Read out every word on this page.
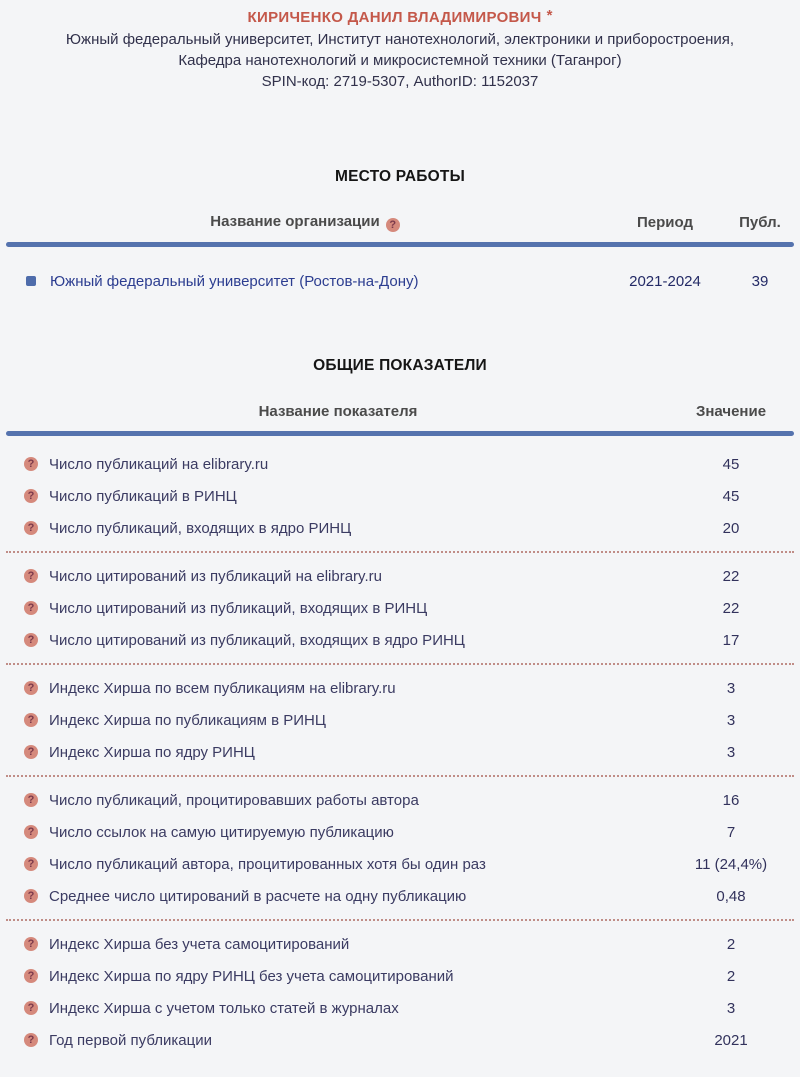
КИРИЧЕНКО ДАНИЛ ВЛАДИМИРОВИЧ *
Южный федеральный университет, Институт нанотехнологий, электроники и приборостроения,
Кафедра нанотехнологий и микросистемной техники (Таганрог)
SPIN-код: 2719-5307, AuthorID: 1152037
МЕСТО РАБОТЫ
Название организации ?	Период	Публ.
Южный федеральный университет (Ростов-на-Дону)	2021-2024	39
ОБЩИЕ ПОКАЗАТЕЛИ
Название показателя	Значение
? Число публикаций на elibrary.ru	45
? Число публикаций в РИНЦ	45
? Число публикаций, входящих в ядро РИНЦ	20
? Число цитирований из публикаций на elibrary.ru	22
? Число цитирований из публикаций, входящих в РИНЦ	22
? Число цитирований из публикаций, входящих в ядро РИНЦ	17
? Индекс Хирша по всем публикациям на elibrary.ru	3
? Индекс Хирша по публикациям в РИНЦ	3
? Индекс Хирша по ядру РИНЦ	3
? Число публикаций, процитировавших работы автора	16
? Число ссылок на самую цитируемую публикацию	7
? Число публикаций автора, процитированных хотя бы один раз	11 (24,4%)
? Среднее число цитирований в расчете на одну публикацию	0,48
? Индекс Хирша без учета самоцитирований	2
? Индекс Хирша по ядру РИНЦ без учета самоцитирований	2
? Индекс Хирша с учетом только статей в журналах	3
? Год первой публикации	2021
